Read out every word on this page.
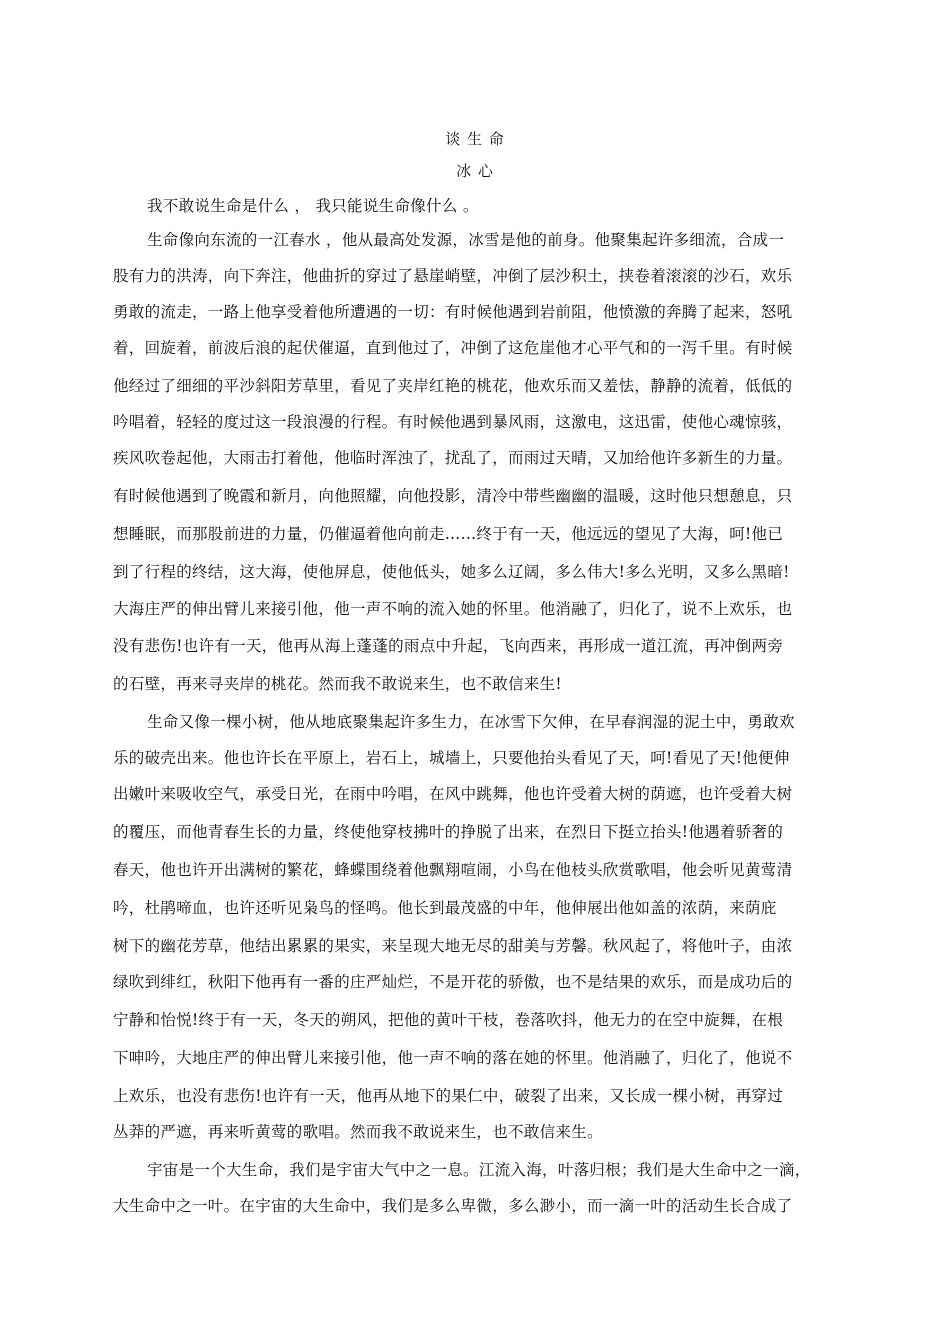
谈 生 命
冰 心
我不敢说生命是什么 ， 我只能说生命像什么 。
生命像向东流的一江春水 ，他从最高处发源，冰雪是他的前身。他聚集起许多细流，合成一
股有力的洪涛，向下奔注，他曲折的穿过了悬崖峭壁，冲倒了层沙积土，挟卷着滚滚的沙石，欢乐
勇敢的流走，一路上他享受着他所遭遇的一切：有时候他遇到岩前阻，他愤激的奔腾了起来，怒吼
着，回旋着，前波后浪的起伏催逼，直到他过了，冲倒了这危崖他才心平气和的一泻千里。有时候
他经过了细细的平沙斜阳芳草里，看见了夹岸红艳的桃花，他欢乐而又羞怯，静静的流着，低低的
吟唱着，轻轻的度过这一段浪漫的行程。有时候他遇到暴风雨，这激电，这迅雷，使他心魂惊骇，
疾风吹卷起他，大雨击打着他，他临时浑浊了，扰乱了，而雨过天晴，又加给他许多新生的力量。
有时候他遇到了晚霞和新月，向他照耀，向他投影，清冷中带些幽幽的温暖，这时他只想憩息，只
想睡眠，而那股前进的力量，仍催逼着他向前走……终于有一天，他远远的望见了大海，呵!他已
到了行程的终结，这大海，使他屏息，使他低头，她多么辽阔，多么伟大!多么光明，又多么黑暗!
大海庄严的伸出臂儿来接引他，他一声不响的流入她的怀里。他消融了，归化了，说不上欢乐，也
没有悲伤!也许有一天，他再从海上蓬蓬的雨点中升起，飞向西来，再形成一道江流，再冲倒两旁
的石壁，再来寻夹岸的桃花。然而我不敢说来生，也不敢信来生!
生命又像一棵小树，他从地底聚集起许多生力，在冰雪下欠伸，在早春润湿的泥土中，勇敢欢
乐的破壳出来。他也许长在平原上，岩石上，城墙上，只要他抬头看见了天，呵!看见了天!他便伸
出嫩叶来吸收空气，承受日光，在雨中吟唱，在风中跳舞，他也许受着大树的荫遮，也许受着大树
的覆压，而他青春生长的力量，终使他穿枝拂叶的挣脱了出来，在烈日下挺立抬头!他遇着骄奢的
春天，他也许开出满树的繁花，蜂蝶围绕着他飘翔喧闹，小鸟在他枝头欣赏歌唱，他会听见黄莺清
吟，杜鹃啼血，也许还听见枭鸟的怪鸣。他长到最茂盛的中年，他伸展出他如盖的浓荫，来荫庇
树下的幽花芳草，他结出累累的果实，来呈现大地无尽的甜美与芳馨。秋风起了，将他叶子，由浓
绿吹到绯红，秋阳下他再有一番的庄严灿烂，不是开花的骄傲，也不是结果的欢乐，而是成功后的
宁静和怡悦!终于有一天，冬天的朔风，把他的黄叶干枝，卷落吹抖，他无力的在空中旋舞，在根
下呻吟，大地庄严的伸出臂儿来接引他，他一声不响的落在她的怀里。他消融了，归化了，他说不
上欢乐，也没有悲伤!也许有一天，他再从地下的果仁中，破裂了出来，又长成一棵小树，再穿过
丛莽的严遮，再来听黄莺的歌唱。然而我不敢说来生，也不敢信来生。
宇宙是一个大生命，我们是宇宙大气中之一息。江流入海，叶落归根；我们是大生命中之一滴，
大生命中之一叶。在宇宙的大生命中，我们是多么卑微，多么渺小，而一滴一叶的活动生长合成了
